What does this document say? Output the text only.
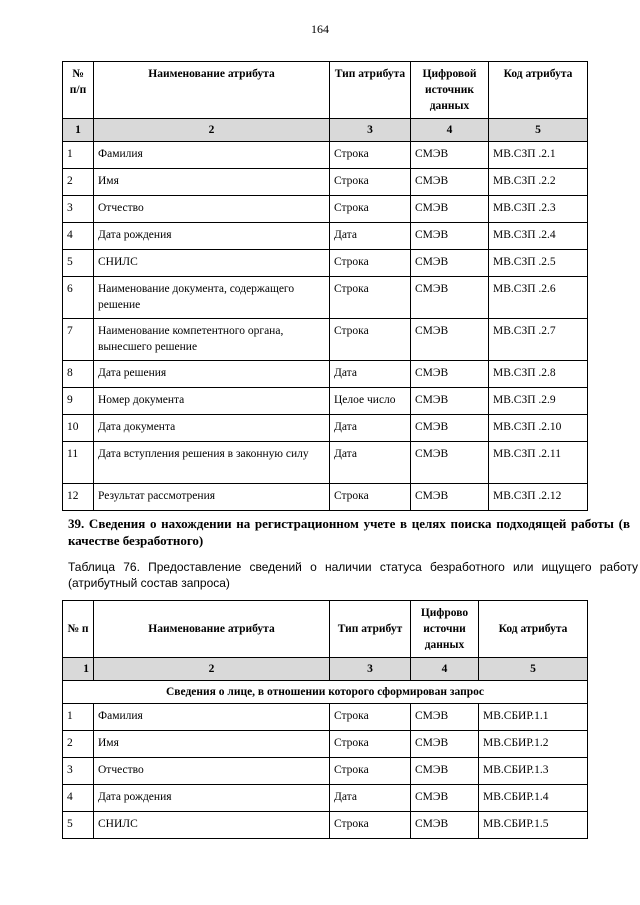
164
№ п/п	Наименование атрибута	Тип атрибута	Цифровой источник данных	Код атрибута
1	2	3	4	5
1	Фамилия	Строка	СМЭВ	МВ.СЗП .2.1
2	Имя	Строка	СМЭВ	МВ.СЗП .2.2
3	Отчество	Строка	СМЭВ	МВ.СЗП .2.3
4	Дата рождения	Дата	СМЭВ	МВ.СЗП .2.4
5	СНИЛС	Строка	СМЭВ	МВ.СЗП .2.5
6	Наименование документа, содержащего решение	Строка	СМЭВ	МВ.СЗП .2.6
7	Наименование компетентного органа, вынесшего решение	Строка	СМЭВ	МВ.СЗП .2.7
8	Дата решения	Дата	СМЭВ	МВ.СЗП .2.8
9	Номер документа	Целое число	СМЭВ	МВ.СЗП .2.9
10	Дата документа	Дата	СМЭВ	МВ.СЗП .2.10
11	Дата вступления решения в законную силу	Дата	СМЭВ	МВ.СЗП .2.11
12	Результат рассмотрения	Строка	СМЭВ	МВ.СЗП .2.12
39. Сведения о нахождении на регистрационном учете в целях поиска подходящей работы (в качестве безработного)
Таблица 76. Предоставление сведений о наличии статуса безработного или ищущего работу (атрибутный состав запроса)
№ п	Наименование атрибута	Тип атрибут	Цифрово источни данных	Код атрибута
1	2	3	4	5
Сведения о лице, в отношении которого сформирован запрос				
1	Фамилия	Строка	СМЭВ	МВ.СБИР.1.1
2	Имя	Строка	СМЭВ	МВ.СБИР.1.2
3	Отчество	Строка	СМЭВ	МВ.СБИР.1.3
4	Дата рождения	Дата	СМЭВ	МВ.СБИР.1.4
5	СНИЛС	Строка	СМЭВ	МВ.СБИР.1.5
